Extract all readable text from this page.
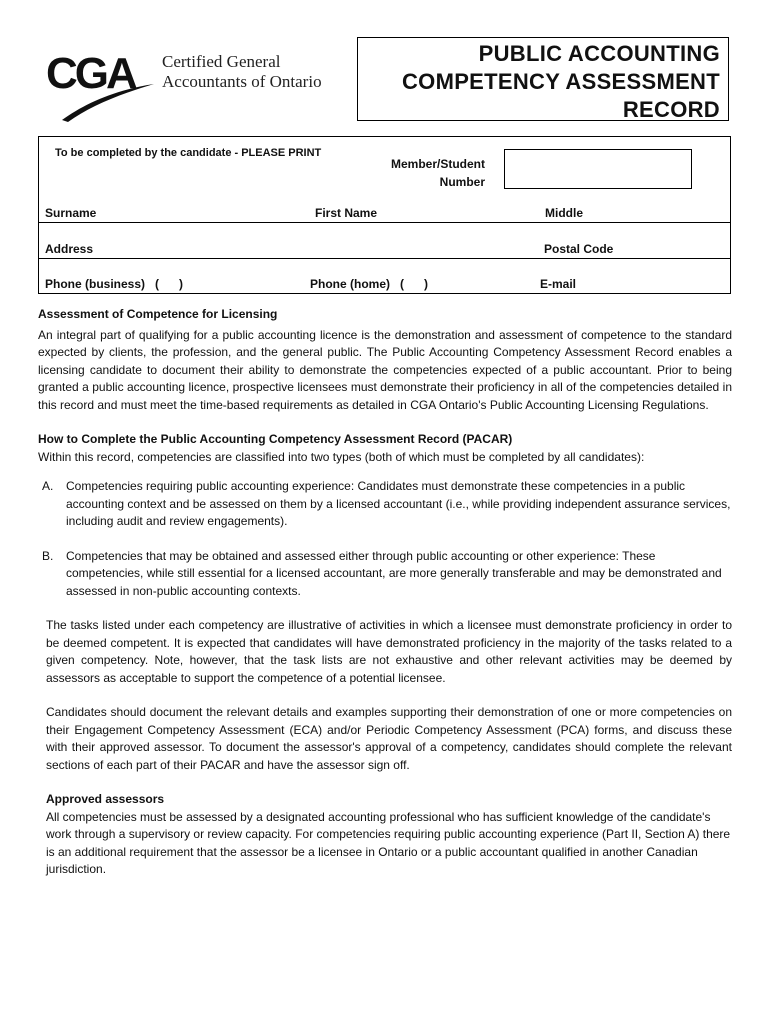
CGA Certified General
Accountants of Ontario
PUBLIC ACCOUNTING
COMPETENCY ASSESSMENT
RECORD
To be completed by the candidate - PLEASE PRINT
Member/Student
Number
Surname	First Name	Middle
Address	Postal Code
Phone (business)   (      )	Phone (home)   (      )	E-mail

Assessment of Competence for Licensing

An integral part of qualifying for a public accounting licence is the demonstration and assessment of competence to the standard expected by clients, the profession, and the general public. The Public Accounting Competency Assessment Record enables a licensing candidate to document their ability to demonstrate the competencies expected of a public accountant. Prior to being granted a public accounting licence, prospective licensees must demonstrate their proficiency in all of the competencies detailed in this record and must meet the time-based requirements as detailed in CGA Ontario's Public Accounting Licensing Regulations.

How to Complete the Public Accounting Competency Assessment Record (PACAR)

Within this record, competencies are classified into two types (both of which must be completed by all candidates):

A. Competencies requiring public accounting experience: Candidates must demonstrate these competencies in a public accounting context and be assessed on them by a licensed accountant (i.e., while providing independent assurance services, including audit and review engagements).

B. Competencies that may be obtained and assessed either through public accounting or other experience: These competencies, while still essential for a licensed accountant, are more generally transferable and may be demonstrated and assessed in non-public accounting contexts.

The tasks listed under each competency are illustrative of activities in which a licensee must demonstrate proficiency in order to be deemed competent. It is expected that candidates will have demonstrated proficiency in the majority of the tasks related to a given competency. Note, however, that the task lists are not exhaustive and other relevant activities may be deemed by assessors as acceptable to support the competence of a potential licensee.

Candidates should document the relevant details and examples supporting their demonstration of one or more competencies on their Engagement Competency Assessment (ECA) and/or Periodic Competency Assessment (PCA) forms, and discuss these with their approved assessor. To document the assessor's approval of a competency, candidates should complete the relevant sections of each part of their PACAR and have the assessor sign off.

Approved assessors

All competencies must be assessed by a designated accounting professional who has sufficient knowledge of the candidate's work through a supervisory or review capacity. For competencies requiring public accounting experience (Part II, Section A) there is an additional requirement that the assessor be a licensee in Ontario or a public accountant qualified in another Canadian jurisdiction.
